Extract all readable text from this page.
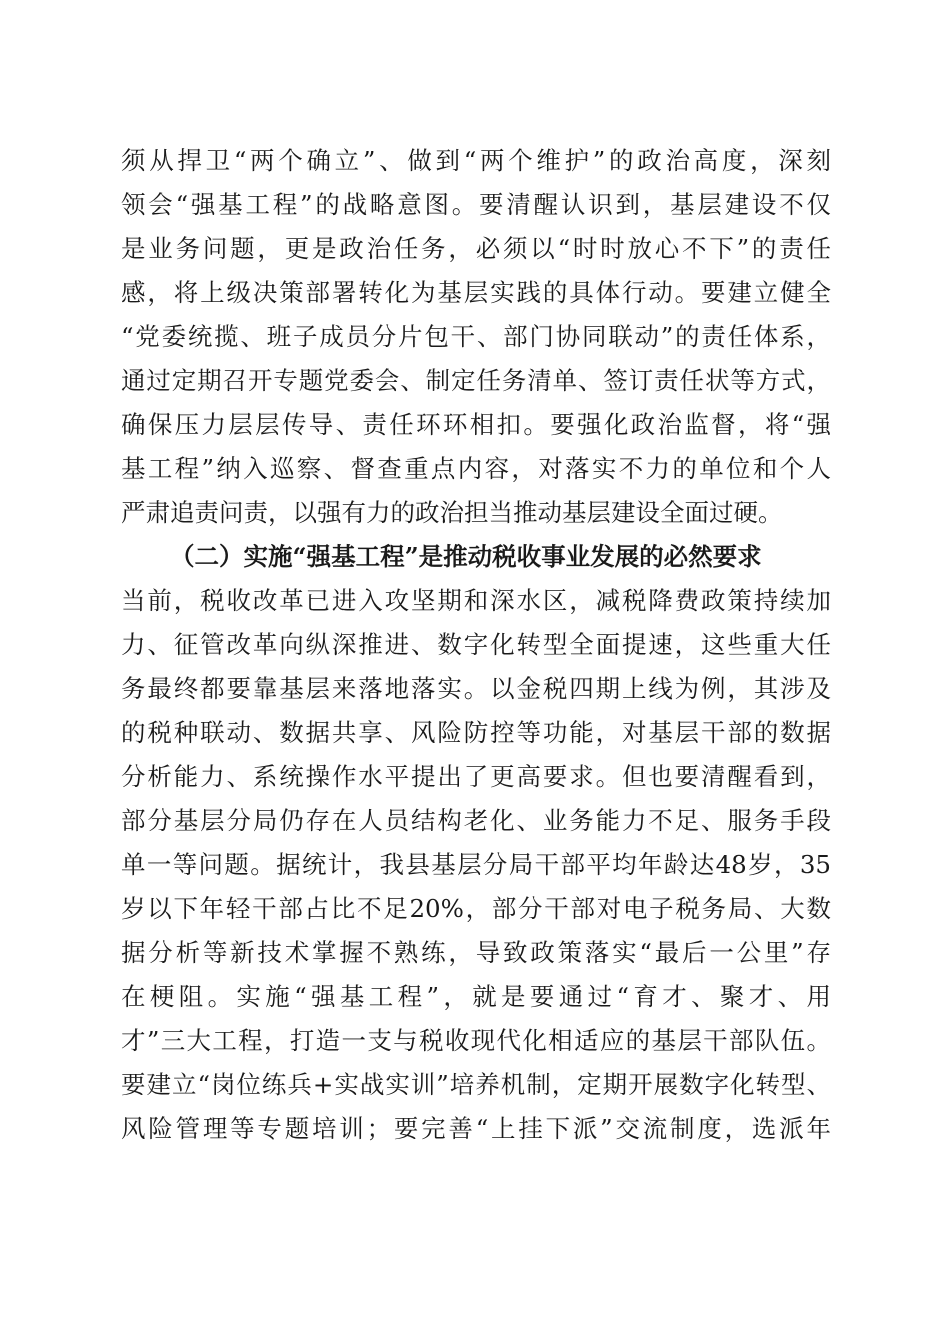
须从捍卫“两个确立”、做到“两个维护”的政治高度，深刻
领会“强基工程”的战略意图。要清醒认识到，基层建设不仅
是业务问题，更是政治任务，必须以“时时放心不下”的责任
感，将上级决策部署转化为基层实践的具体行动。要建立健全
“党委统揽、班子成员分片包干、部门协同联动”的责任体系，
通过定期召开专题党委会、制定任务清单、签订责任状等方式，
确保压力层层传导、责任环环相扣。要强化政治监督，将“强
基工程”纳入巡察、督查重点内容，对落实不力的单位和个人
严肃追责问责，以强有力的政治担当推动基层建设全面过硬。
（二）实施“强基工程”是推动税收事业发展的必然要求
当前，税收改革已进入攻坚期和深水区，减税降费政策持续加
力、征管改革向纵深推进、数字化转型全面提速，这些重大任
务最终都要靠基层来落地落实。以金税四期上线为例，其涉及
的税种联动、数据共享、风险防控等功能，对基层干部的数据
分析能力、系统操作水平提出了更高要求。但也要清醒看到，
部分基层分局仍存在人员结构老化、业务能力不足、服务手段
单一等问题。据统计，我县基层分局干部平均年龄达48岁，35
岁以下年轻干部占比不足20%，部分干部对电子税务局、大数
据分析等新技术掌握不熟练，导致政策落实“最后一公里”存
在梗阻。实施“强基工程”，就是要通过“育才、聚才、用
才”三大工程，打造一支与税收现代化相适应的基层干部队伍。
要建立“岗位练兵+实战实训”培养机制，定期开展数字化转型、
风险管理等专题培训；要完善“上挂下派”交流制度，选派年
